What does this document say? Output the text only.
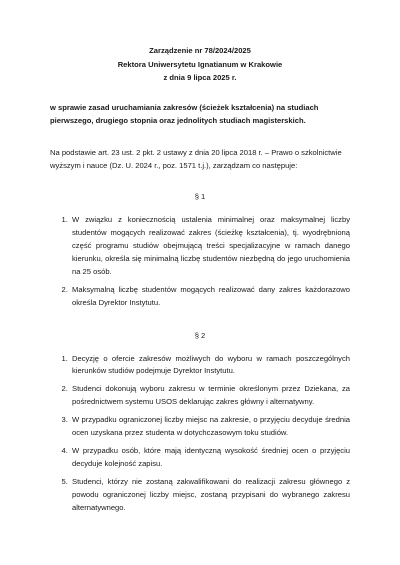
Zarządzenie nr 78/2024/2025
Rektora Uniwersytetu Ignatianum w Krakowie
z dnia 9 lipca 2025 r.
w sprawie zasad uruchamiania zakresów (ścieżek kształcenia) na studiach pierwszego, drugiego stopnia oraz jednolitych studiach magisterskich.
Na podstawie art. 23 ust. 2 pkt. 2 ustawy z dnia 20 lipca 2018 r. – Prawo o szkolnictwie wyższym i nauce (Dz. U. 2024 r., poz. 1571 t.j.), zarządzam co następuje:
§ 1
1. W związku z koniecznością ustalenia minimalnej oraz maksymalnej liczby studentów mogących realizować zakres (ścieżkę kształcenia), tj. wyodrębnioną część programu studiów obejmującą treści specjalizacyjne w ramach danego kierunku, określa się minimalną liczbę studentów niezbędną do jego uruchomienia na 25 osób.
2. Maksymalną liczbę studentów mogących realizować dany zakres każdorazowo określa Dyrektor Instytutu.
§ 2
1. Decyzję o ofercie zakresów możliwych do wyboru w ramach poszczególnych kierunków studiów podejmuje Dyrektor Instytutu.
2. Studenci dokonują wyboru zakresu w terminie określonym przez Dziekana, za pośrednictwem systemu USOS deklarując zakres główny i alternatywny.
3. W przypadku ograniczonej liczby miejsc na zakresie, o przyjęciu decyduje średnia ocen uzyskana przez studenta w dotychczasowym toku studiów.
4. W przypadku osób, które mają identyczną wysokość średniej ocen o przyjęciu decyduje kolejność zapisu.
5. Studenci, którzy nie zostaną zakwalifikowani do realizacji zakresu głównego z powodu ograniczonej liczby miejsc, zostaną przypisani do wybranego zakresu alternatywnego.
